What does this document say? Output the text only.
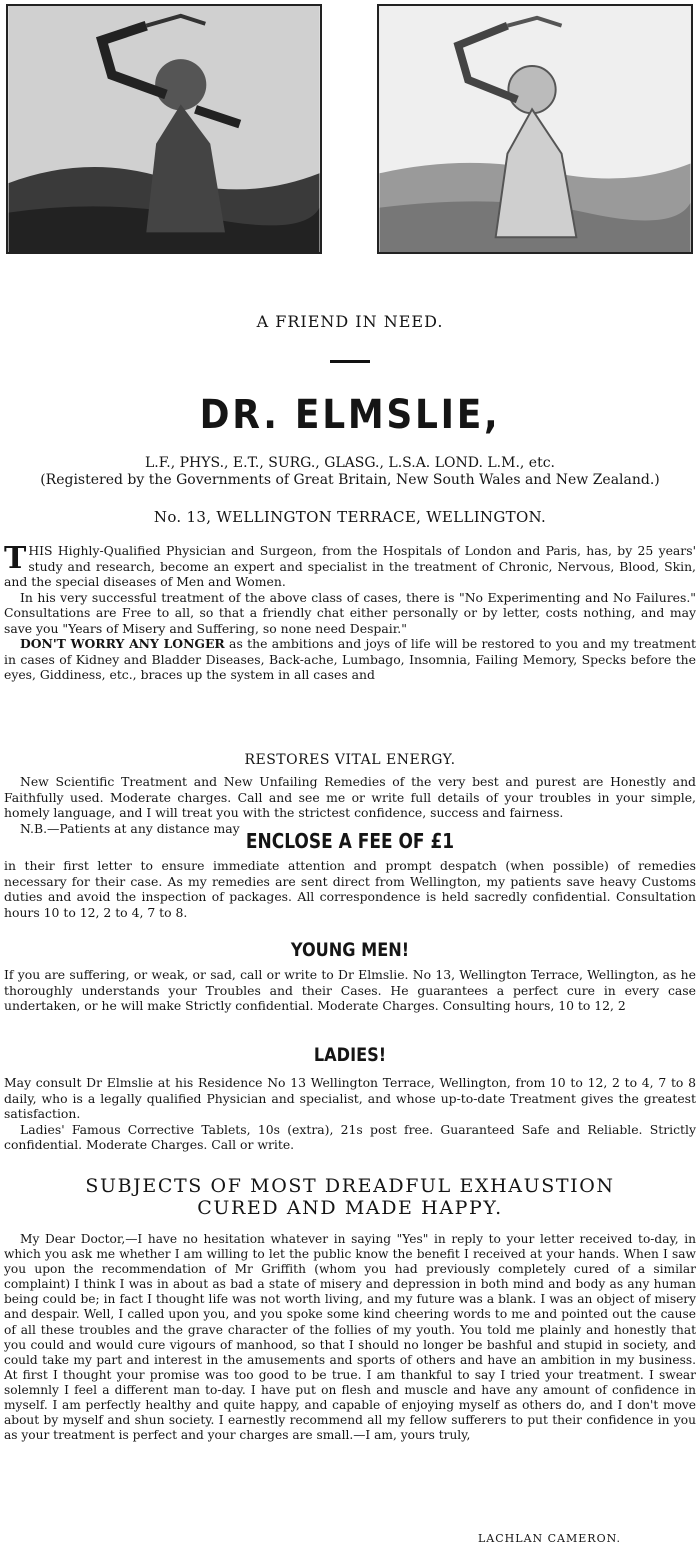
A FRIEND IN NEED.
DR. ELMSLIE,
L.F., PHYS., E.T., SURG., GLASG., L.S.A. LOND. L.M., etc.
(Registered by the Governments of Great Britain, New South Wales and New Zealand.)
No. 13, WELLINGTON TERRACE, WELLINGTON.

THIS Highly-Qualified Physician and Surgeon, from the Hospitals of London and Paris, has, by 25 years' study and research, become an expert and specialist in the treatment of Chronic, Nervous, Blood, Skin, and the special diseases of Men and Women.

In his very successful treatment of the above class of cases, there is "No Experimenting and No Failures." Consultations are Free to all, so that a friendly chat either personally or by letter, costs nothing, and may save you "Years of Misery and Suffering, so none need Despair."

DON'T WORRY ANY LONGER as the ambitions and joys of life will be restored to you and my treatment in cases of Kidney and Bladder Diseases, Back-ache, Lumbago, Insomnia, Failing Memory, Specks before the eyes, Giddiness, etc., braces up the system in all cases and

RESTORES VITAL ENERGY.

New Scientific Treatment and New Unfailing Remedies of the very best and purest are Honestly and Faithfully used. Moderate charges. Call and see me or write full details of your troubles in your simple, homely language, and I will treat you with the strictest confidence, success and fairness.

N.B.—Patients at any distance may

ENCLOSE A FEE OF £1
in their first letter to ensure immediate attention and prompt despatch (when possible) of remedies necessary for their case. As my remedies are sent direct from Wellington, my patients save heavy Customs duties and avoid the inspection of packages. All correspondence is held sacredly confidential. Consultation hours 10 to 12, 2 to 4, 7 to 8.
YOUNG MEN!
If you are suffering, or weak, or sad, call or write to Dr Elmslie. No 13, Wellington Terrace, Wellington, as he thoroughly understands your Troubles and their Cases. He guarantees a perfect cure in every case undertaken, or he will make Strictly confidential. Moderate Charges. Consulting hours, 10 to 12, 2
LADIES!

May consult Dr Elmslie at his Residence No 13 Wellington Terrace, Wellington, from 10 to 12, 2 to 4, 7 to 8 daily, who is a legally qualified Physician and specialist, and whose up-to-date Treatment gives the greatest satisfaction.

Ladies' Famous Corrective Tablets, 10s (extra), 21s post free. Guaranteed Safe and Reliable. Strictly confidential. Moderate Charges. Call or write.

SUBJECTS OF MOST DREADFUL EXHAUSTION
CURED AND MADE HAPPY.

My Dear Doctor,—I have no hesitation whatever in saying "Yes" in reply to your letter received to-day, in which you ask me whether I am willing to let the public know the benefit I received at your hands. When I saw you upon the recommendation of Mr Griffith (whom you had previously completely cured of a similar complaint) I think I was in about as bad a state of misery and depression in both mind and body as any human being could be; in fact I thought life was not worth living, and my future was a blank. I was an object of misery and despair. Well, I called upon you, and you spoke some kind cheering words to me and pointed out the cause of all these troubles and the grave character of the follies of my youth. You told me plainly and honestly that you could and would cure vigours of manhood, so that I should no longer be bashful and stupid in society, and could take my part and interest in the amusements and sports of others and have an ambition in my business. At first I thought your promise was too good to be true. I am thankful to say I tried your treatment. I swear solemnly I feel a different man to-day. I have put on flesh and muscle and have any amount of confidence in myself. I am perfectly healthy and quite happy, and capable of enjoying myself as others do, and I don't move about by myself and shun society. I earnestly recommend all my fellow sufferers to put their confidence in you as your treatment is perfect and your charges are small.—I am, yours truly,

LACHLAN CAMERON.
